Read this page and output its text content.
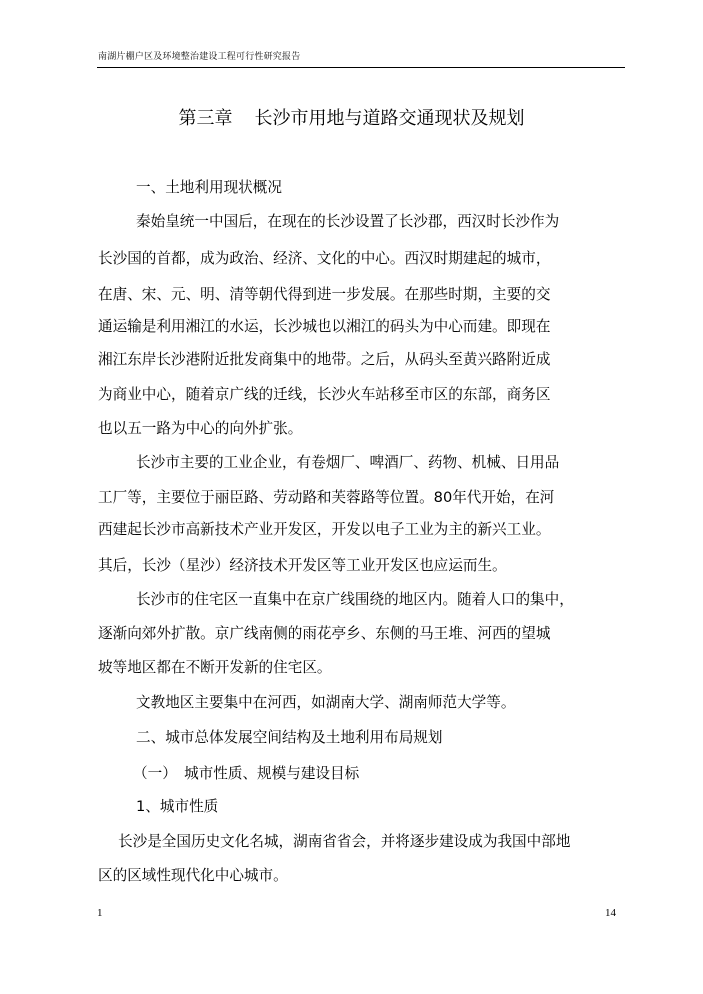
南湖片棚户区及环境整治建设工程可行性研究报告
第三章 长沙市用地与道路交通现状及规划
一、土地利用现状概况
秦始皇统一中国后，在现在的长沙设置了长沙郡，西汉时长沙作为
长沙国的首都，成为政治、经济、文化的中心。西汉时期建起的城市，
在唐、宋、元、明、清等朝代得到进一步发展。在那些时期，主要的交
通运输是利用湘江的水运，长沙城也以湘江的码头为中心而建。即现在
湘江东岸长沙港附近批发商集中的地带。之后，从码头至黄兴路附近成
为商业中心，随着京广线的迁线，长沙火车站移至市区的东部，商务区
也以五一路为中心的向外扩张。
长沙市主要的工业企业，有卷烟厂、啤酒厂、药物、机械、日用品
工厂等，主要位于丽臣路、劳动路和芙蓉路等位置。80年代开始，在河
西建起长沙市高新技术产业开发区，开发以电子工业为主的新兴工业。
其后，长沙（星沙）经济技术开发区等工业开发区也应运而生。
长沙市的住宅区一直集中在京广线围绕的地区内。随着人口的集中，
逐渐向郊外扩散。京广线南侧的雨花亭乡、东侧的马王堆、河西的望城
坡等地区都在不断开发新的住宅区。
文教地区主要集中在河西，如湖南大学、湖南师范大学等。
二、城市总体发展空间结构及土地利用布局规划
（一）　城市性质、规模与建设目标
1、城市性质
长沙是全国历史文化名城，湖南省省会，并将逐步建设成为我国中部地
区的区域性现代化中心城市。
1	14
